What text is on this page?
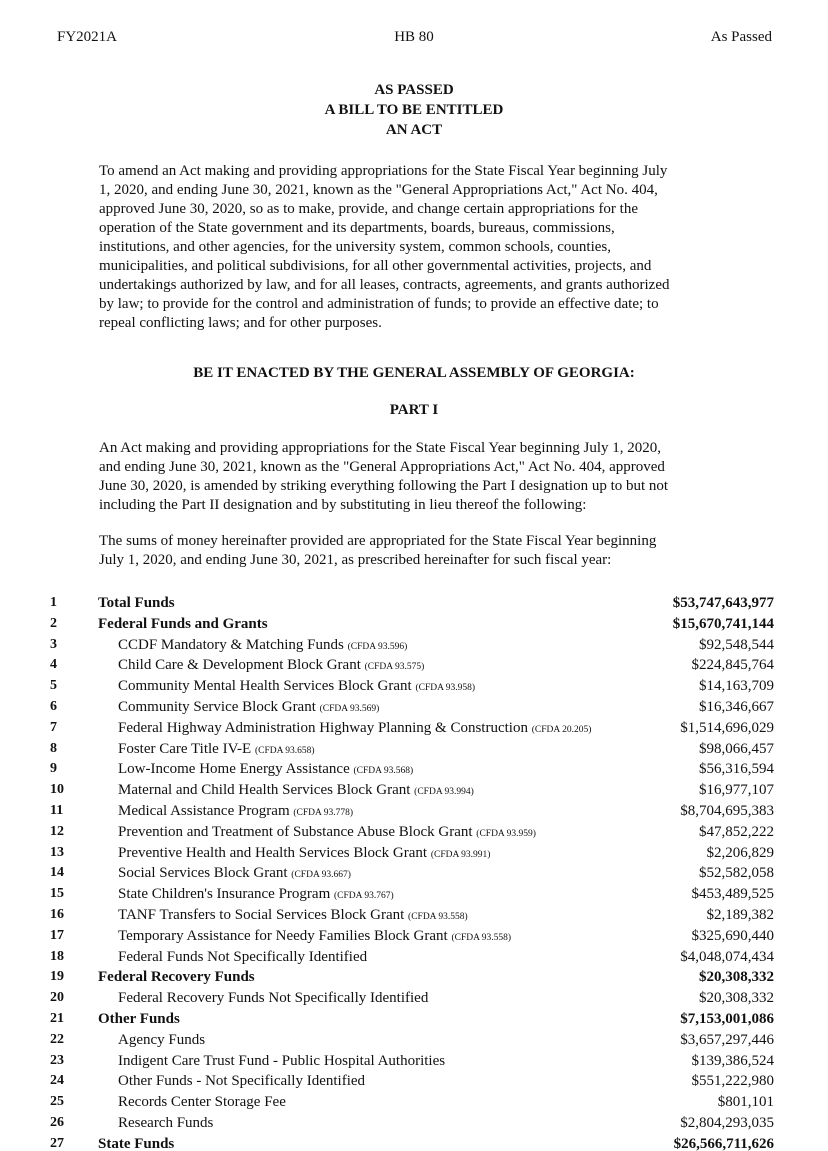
FY2021A	HB 80	As Passed
AS PASSED
A BILL TO BE ENTITLED
AN ACT
To amend an Act making and providing appropriations for the State Fiscal Year beginning July
1, 2020, and ending June 30, 2021, known as the "General Appropriations Act," Act No. 404,
approved June 30, 2020, so as to make, provide, and change certain appropriations for the
operation of the State government and its departments, boards, bureaus, commissions,
institutions, and other agencies, for the university system, common schools, counties,
municipalities, and political subdivisions, for all other governmental activities, projects, and
undertakings authorized by law, and for all leases, contracts, agreements, and grants authorized
by law; to provide for the control and administration of funds; to provide an effective date; to
repeal conflicting laws; and for other purposes.
BE IT ENACTED BY THE GENERAL ASSEMBLY OF GEORGIA:
PART I
An Act making and providing appropriations for the State Fiscal Year beginning July 1, 2020,
and ending June 30, 2021, known as the "General Appropriations Act," Act No. 404, approved
June 30, 2020, is amended by striking everything following the Part I designation up to but not
including the Part II designation and by substituting in lieu thereof the following:
The sums of money hereinafter provided are appropriated for the State Fiscal Year beginning
July 1, 2020, and ending June 30, 2021, as prescribed hereinafter for such fiscal year:
1	Total Funds	$53,747,643,977
2	Federal Funds and Grants	$15,670,741,144
3	CCDF Mandatory & Matching Funds (CFDA 93.596)	$92,548,544
4	Child Care & Development Block Grant (CFDA 93.575)	$224,845,764
5	Community Mental Health Services Block Grant (CFDA 93.958)	$14,163,709
6	Community Service Block Grant (CFDA 93.569)	$16,346,667
7	Federal Highway Administration Highway Planning & Construction (CFDA 20.205)	$1,514,696,029
8	Foster Care Title IV-E (CFDA 93.658)	$98,066,457
9	Low-Income Home Energy Assistance (CFDA 93.568)	$56,316,594
10	Maternal and Child Health Services Block Grant (CFDA 93.994)	$16,977,107
11	Medical Assistance Program (CFDA 93.778)	$8,704,695,383
12	Prevention and Treatment of Substance Abuse Block Grant (CFDA 93.959)	$47,852,222
13	Preventive Health and Health Services Block Grant (CFDA 93.991)	$2,206,829
14	Social Services Block Grant (CFDA 93.667)	$52,582,058
15	State Children's Insurance Program (CFDA 93.767)	$453,489,525
16	TANF Transfers to Social Services Block Grant (CFDA 93.558)	$2,189,382
17	Temporary Assistance for Needy Families Block Grant (CFDA 93.558)	$325,690,440
18	Federal Funds Not Specifically Identified	$4,048,074,434
19	Federal Recovery Funds	$20,308,332
20	Federal Recovery Funds Not Specifically Identified	$20,308,332
21	Other Funds	$7,153,001,086
22	Agency Funds	$3,657,297,446
23	Indigent Care Trust Fund - Public Hospital Authorities	$139,386,524
24	Other Funds - Not Specifically Identified	$551,222,980
25	Records Center Storage Fee	$801,101
26	Research Funds	$2,804,293,035
27	State Funds	$26,566,711,626
